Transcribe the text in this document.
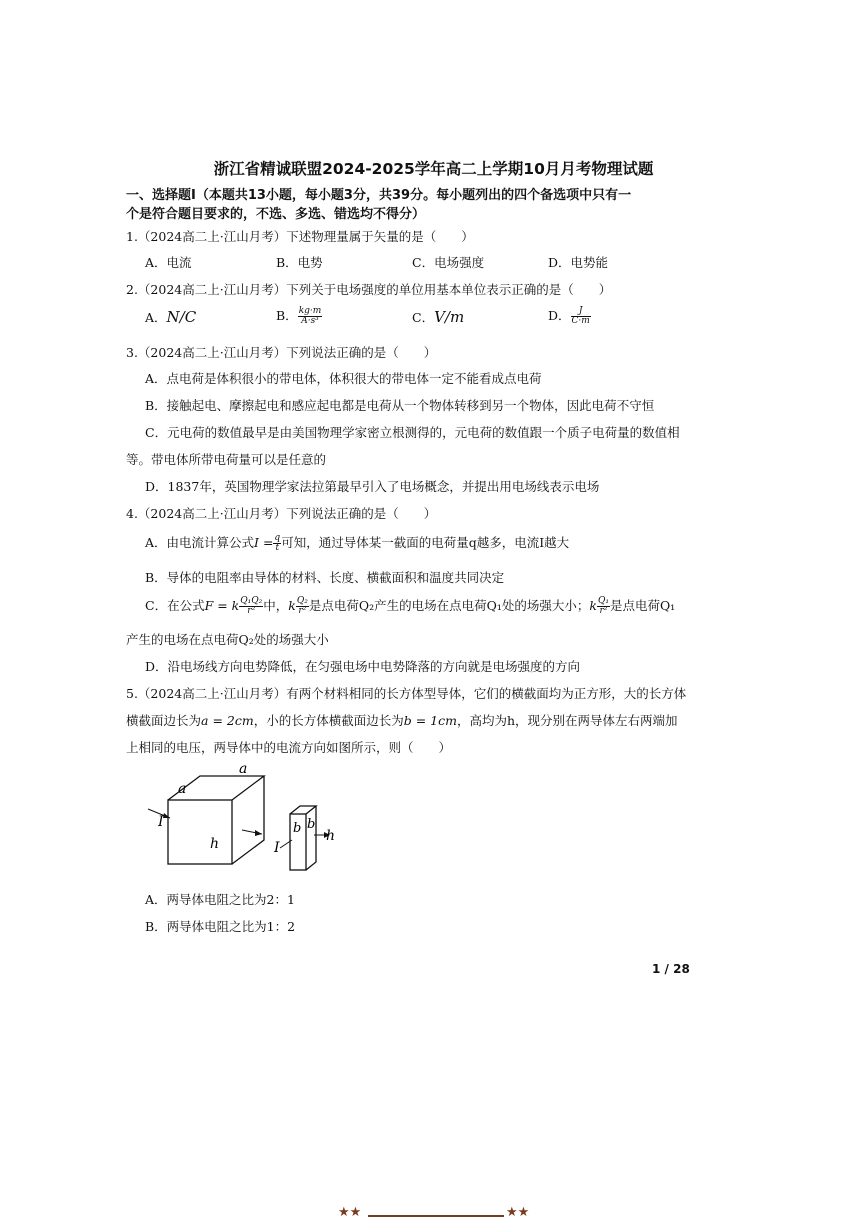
浙江省精诚联盟2024-2025学年高二上学期10月月考物理试题
一、选择题Ⅰ（本题共13小题，每小题3分，共39分。每小题列出的四个备选项中只有一
个是符合题目要求的，不选、多选、错选均不得分）
1.（2024高二上·江山月考）下述物理量属于矢量的是（　　）
A．电流	B．电势	C．电场强度	D．电势能
2.（2024高二上·江山月考）下列关于电场强度的单位用基本单位表示正确的是（　　）
A．N/C	B． $\frac{kg\cdot m}{\text{A·s³}}$	C．V/m	D． $\frac{J}{C\cdot m}$
3.（2024高二上·江山月考）下列说法正确的是（　　）
A．点电荷是体积很小的带电体，体积很大的带电体一定不能看成点电荷
B．接触起电、摩擦起电和感应起电都是电荷从一个物体转移到另一个物体，因此电荷不守恒
C．元电荷的数值最早是由美国物理学家密立根测得的，元电荷的数值跟一个质子电荷量的数值相
等。带电体所带电荷量可以是任意的
D．1837年，英国物理学家法拉第最早引入了电场概念，并提出用电场线表示电场
4.（2024高二上·江山月考）下列说法正确的是（　　）
A．由电流计算公式$I = \frac{q}{t}$ 可知，通过导体某一截面的电荷量q越多，电流I越大
B．导体的电阻率由导体的材料、长度、横截面积和温度共同决定
C．在公式F = k $\frac{\text{Q₁Q₂}}{\text{r²}}$ 中，k $\frac{\text{Q₂}}{\text{r²}}$ 是点电荷Q₂产生的电场在点电荷Q₁处的场强大小；k $\frac{\text{Q₁}}{\text{r²}}$ 是点电荷Q₁
产生的电场在点电荷Q₂处的场强大小
D．沿电场线方向电势降低，在匀强电场中电势降落的方向就是电场强度的方向
5.（2024高二上·江山月考）有两个材料相同的长方体型导体，它们的横截面均为正方形，大的长方体
横截面边长为a = 2cm，小的长方体横截面边长为b = 1cm，高均为h，现分别在两导体左右两端加
上相同的电压，两导体中的电流方向如图所示，则（　　）
a
a
h
I	b b
I
h
A．两导体电阻之比为2：1
B．两导体电阻之比为1：2
1 / 28
★★	★★
